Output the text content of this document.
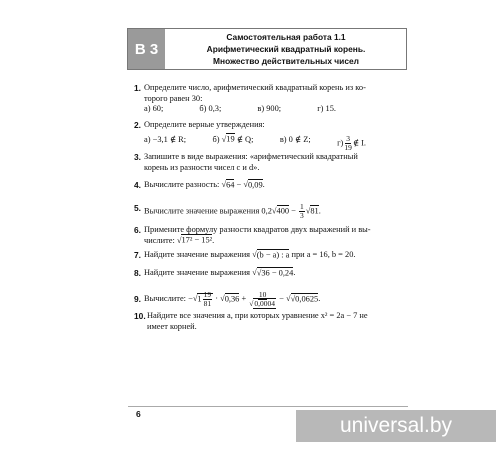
В 3
Самостоятельная работа 1.1
Арифметический квадратный корень.
Множество действительных чисел
1. Определите число, арифметический квадратный корень из ко-
торого равен 30:
а) 60;	б) 0,3;	в) 900;	г) 15.
2. Определите верные утверждения:
а) −3,1 ∉ R;	б) √19 ∉ Q;	в) 0 ∉ Z;	$г) \frac{3}{19}$ ∉ I.
3. Запишите в виде выражения: «арифметический квадратный
корень из разности чисел c и d».
4. Вычислите разность: √64 − √0,09.
5. Вычислите значение выражения $0,2√400 - \frac{1}{3} √81$.
6. Примените формулу разности квадратов двух выражений и вы-
числите: √17² − 15².
7. Найдите значение выражения √(b − a) : a при a = 16, b = 20.
8. Найдите значение выражения √√36 − 0,24.
9. Вычислите: $-√1 \frac{19}{81} \cdot √0,36 + \frac{10}{√0,0004} - √√0,0625$.
10. Найдите все значения a, при которых уравнение x² = 2a − 7 не
имеет корней.
6	universal.by
